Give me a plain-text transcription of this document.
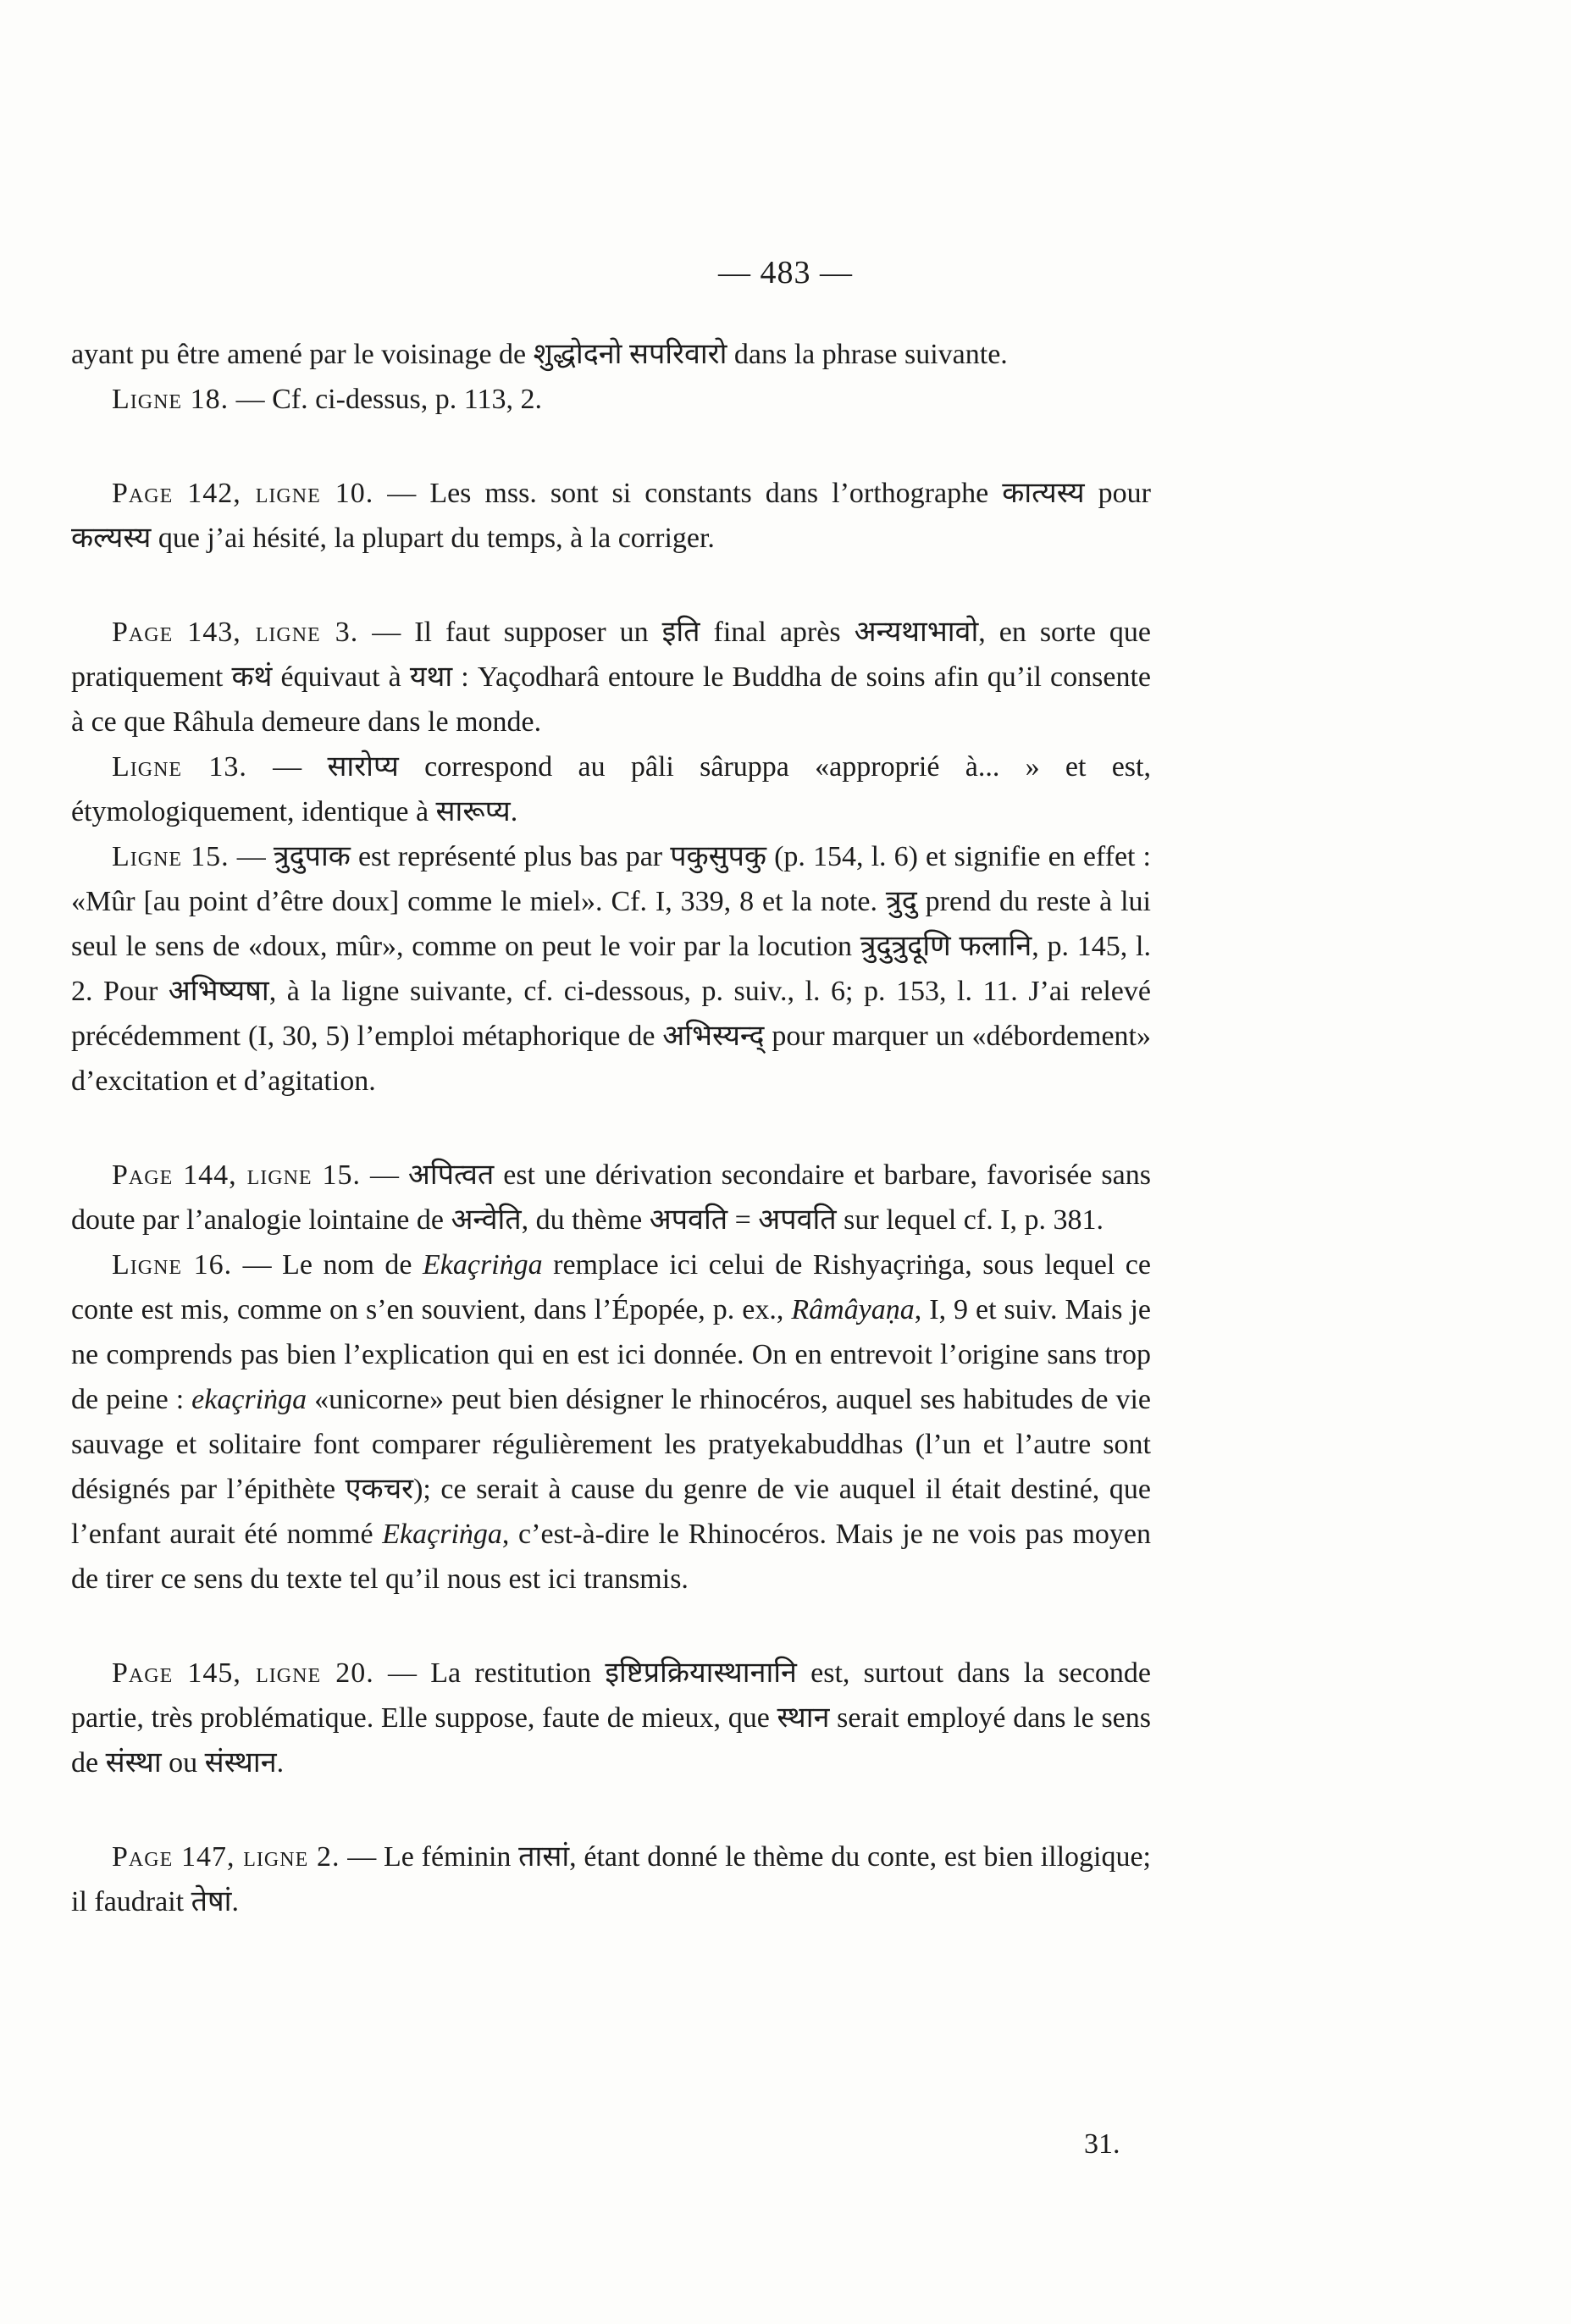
— 483 —

ayant pu être amené par le voisinage de शुद्धोदनो सपरिवारो dans la phrase suivante.

Ligne 18. — Cf. ci-dessus, p. 113, 2.

Page 142, ligne 10. — Les mss. sont si constants dans l’orthographe कात्यस्य pour कल्यस्य que j’ai hésité, la plupart du temps, à la corriger.

Page 143, ligne 3. — Il faut supposer un इति final après अन्यथाभावो, en sorte que pratiquement कथं équivaut à यथा : Yaçodharâ entoure le Buddha de soins afin qu’il consente à ce que Râhula demeure dans le monde.

Ligne 13. — सारोप्य correspond au pâli sâruppa «approprié à... » et est, étymologiquement, identique à सारूप्य.

Ligne 15. — त्रुदुपाक est représenté plus bas par पकुसुपकु (p. 154, l. 6) et signifie en effet : «Mûr [au point d’être doux] comme le miel». Cf. I, 339, 8 et la note. त्रुदु prend du reste à lui seul le sens de «doux, mûr», comme on peut le voir par la locution त्रुदुत्रुदूणि फलानि, p. 145, l. 2. Pour अभिष्यषा, à la ligne suivante, cf. ci-dessous, p. suiv., l. 6; p. 153, l. 11. J’ai relevé précédemment (I, 30, 5) l’emploi métaphorique de अभिस्यन्द् pour marquer un «débordement» d’excitation et d’agitation.

Page 144, ligne 15. — अपित्वत est une dérivation secondaire et barbare, favorisée sans doute par l’analogie lointaine de अन्वेति, du thème अपवति = अपवति sur lequel cf. I, p. 381.

Ligne 16. — Le nom de Ekaçriṅga remplace ici celui de Rishyaçriṅga, sous lequel ce conte est mis, comme on s’en souvient, dans l’Épopée, p. ex., Râmâyaṇa, I, 9 et suiv. Mais je ne comprends pas bien l’explication qui en est ici donnée. On en entrevoit l’origine sans trop de peine : ekaçriṅga «unicorne» peut bien désigner le rhinocéros, auquel ses habitudes de vie sauvage et solitaire font comparer régulièrement les pratyekabuddhas (l’un et l’autre sont désignés par l’épithète एकचर); ce serait à cause du genre de vie auquel il était destiné, que l’enfant aurait été nommé Ekaçriṅga, c’est-à-dire le Rhinocéros. Mais je ne vois pas moyen de tirer ce sens du texte tel qu’il nous est ici transmis.

Page 145, ligne 20. — La restitution इष्टिप्रक्रियास्थानानि est, surtout dans la seconde partie, très problématique. Elle suppose, faute de mieux, que स्थान serait employé dans le sens de संस्था ou संस्थान.

Page 147, ligne 2. — Le féminin तासां, étant donné le thème du conte, est bien illogique; il faudrait तेषां.

31.
